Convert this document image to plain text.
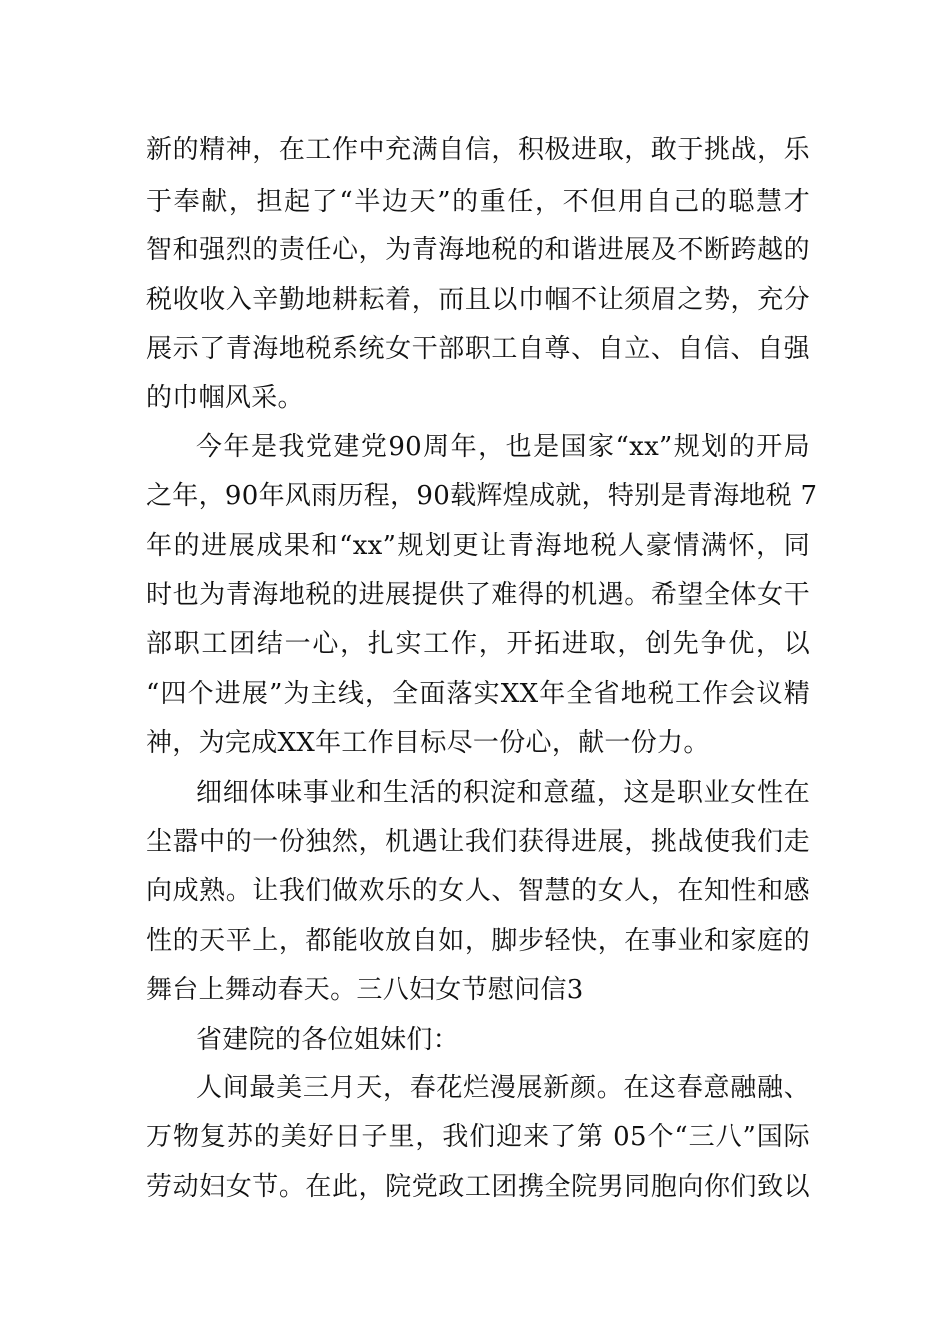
新的精神，在工作中充满自信，积极进取，敢于挑战，乐
于奉献，担起了“半边天”的重任，不但用自己的聪慧才
智和强烈的责任心，为青海地税的和谐进展及不断跨越的
税收收入辛勤地耕耘着，而且以巾帼不让须眉之势，充分
展示了青海地税系统女干部职工自尊、自立、自信、自强
的巾帼风采。
今年是我党建党90周年，也是国家“xx”规划的开局
之年，90年风雨历程，90载辉煌成就，特别是青海地税 7
年的进展成果和“xx”规划更让青海地税人豪情满怀，同
时也为青海地税的进展提供了难得的机遇。希望全体女干
部职工团结一心，扎实工作，开拓进取，创先争优，以
“四个进展”为主线，全面落实XX年全省地税工作会议精
神，为完成XX年工作目标尽一份心，献一份力。
细细体味事业和生活的积淀和意蕴，这是职业女性在
尘嚣中的一份独然，机遇让我们获得进展，挑战使我们走
向成熟。让我们做欢乐的女人、智慧的女人，在知性和感
性的天平上，都能收放自如，脚步轻快，在事业和家庭的
舞台上舞动春天。三八妇女节慰问信3
省建院的各位姐妹们：
人间最美三月天，春花烂漫展新颜。在这春意融融、
万物复苏的美好日子里，我们迎来了第 05个“三八”国际
劳动妇女节。在此，院党政工团携全院男同胞向你们致以
